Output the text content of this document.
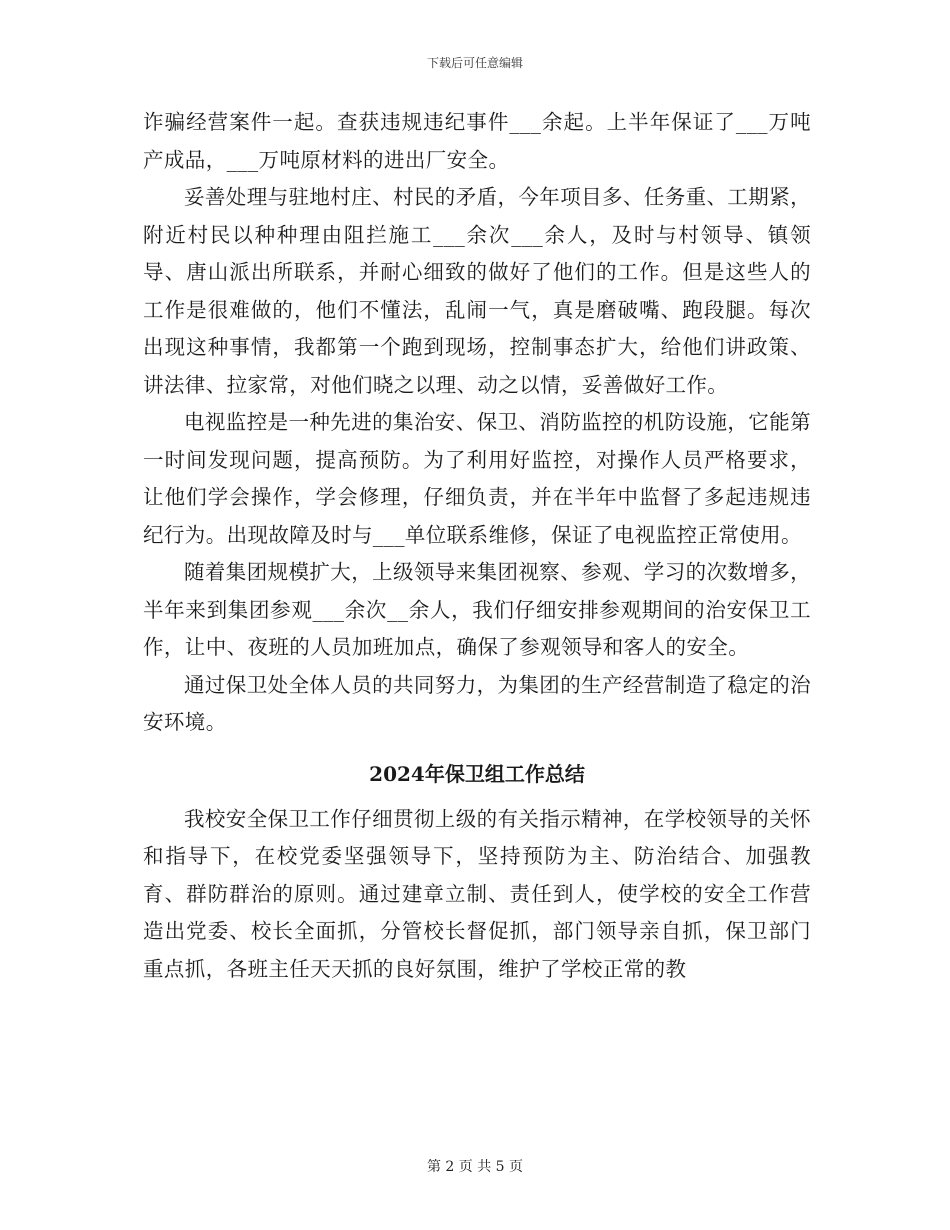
下载后可任意编辑

诈骗经营案件一起。查获违规违纪事件___余起。上半年保证了___万吨产成品，___万吨原材料的进出厂安全。

妥善处理与驻地村庄、村民的矛盾，今年项目多、任务重、工期紧，附近村民以种种理由阻拦施工___余次___余人，及时与村领导、镇领导、唐山派出所联系，并耐心细致的做好了他们的工作。但是这些人的工作是很难做的，他们不懂法，乱闹一气，真是磨破嘴、跑段腿。每次出现这种事情，我都第一个跑到现场，控制事态扩大，给他们讲政策、讲法律、拉家常，对他们晓之以理、动之以情，妥善做好工作。

电视监控是一种先进的集治安、保卫、消防监控的机防设施，它能第一时间发现问题，提高预防。为了利用好监控，对操作人员严格要求，让他们学会操作，学会修理，仔细负责，并在半年中监督了多起违规违纪行为。出现故障及时与___单位联系维修，保证了电视监控正常使用。

随着集团规模扩大，上级领导来集团视察、参观、学习的次数增多，半年来到集团参观___余次__余人，我们仔细安排参观期间的治安保卫工作，让中、夜班的人员加班加点，确保了参观领导和客人的安全。

通过保卫处全体人员的共同努力，为集团的生产经营制造了稳定的治安环境。

2024年保卫组工作总结

我校安全保卫工作仔细贯彻上级的有关指示精神，在学校领导的关怀和指导下，在校党委坚强领导下，坚持预防为主、防治结合、加强教育、群防群治的原则。通过建章立制、责任到人，使学校的安全工作营造出党委、校长全面抓，分管校长督促抓，部门领导亲自抓，保卫部门重点抓，各班主任天天抓的良好氛围，维护了学校正常的教

第 2 页 共 5 页
